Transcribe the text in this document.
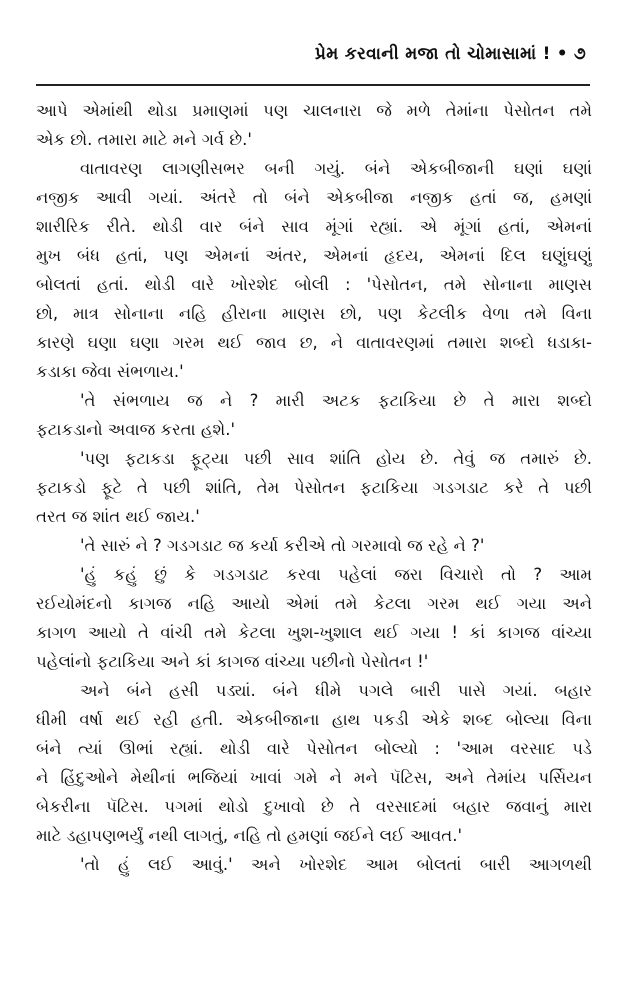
પ્રેમ કરવાની મજા તો ચોમાસામાં ! • ૭
આપે એમાંથી થોડા પ્રમાણમાં પણ ચાલનારા જે મળે તેમાંના પેસોતન તમે
એક છો. તમારા માટે મને ગર્વ છે.'
વાતાવરણ લાગણીસભર બની ગયું. બંને એકબીજાની ઘણાં ઘણાં
નજીક આવી ગયાં. અંતરે તો બંને એકબીજા નજીક હતાં જ, હમણાં
શારીરિક રીતે. થોડી વાર બંને સાવ મૂંગાં રહ્યાં. એ મૂંગાં હતાં, એમનાં
મુખ બંધ હતાં, પણ એમનાં અંતર, એમનાં હૃદય, એમનાં દિલ ઘણુંઘણું
બોલતાં હતાં. થોડી વારે ખોરશેદ બોલી : 'પેસોતન, તમે સોનાના માણસ
છો, માત્ર સોનાના નહિ હીરાના માણસ છો, પણ કેટલીક વેળા તમે વિના
કારણે ઘણા ઘણા ગરમ થઈ જાવ છ, ને વાતાવરણમાં તમારા શબ્દો ધડાકા-
કડાકા જેવા સંભળાય.'
'તે સંભળાય જ ને ? મારી અટક ફટાકિયા છે તે મારા શબ્દો
ફટાકડાનો અવાજ કરતા હશે.'
'પણ ફટાકડા ફૂટ્યા પછી સાવ શાંતિ હોય છે. તેવું જ તમારું છે.
ફટાકડો ફૂટે તે પછી શાંતિ, તેમ પેસોતન ફટાકિયા ગડગડાટ કરે તે પછી
તરત જ શાંત થઈ જાય.'
'તે સારું ને ? ગડગડાટ જ કર્યા કરીએ તો ગરમાવો જ રહે ને ?'
'હું કહું છું કે ગડગડાટ કરવા પહેલાં જરા વિચારો તો ? આમ
રઈયોમંદનો કાગજ નહિ આયો એમાં તમે કેટલા ગરમ થઈ ગયા અને
કાગળ આયો તે વાંચી તમે કેટલા ખુશ-ખુશાલ થઈ ગયા ! કાં કાગજ વાંચ્યા
પહેલાંનો ફટાકિયા અને કાં કાગજ વાંચ્યા પછીનો પેસોતન !'
અને બંને હસી પડ્યાં. બંને ધીમે પગલે બારી પાસે ગયાં. બહાર
ધીમી વર્ષા થઈ રહી હતી. એકબીજાના હાથ પકડી એકે શબ્દ બોલ્યા વિના
બંને ત્યાં ઊભાં રહ્યાં. થોડી વારે પેસોતન બોલ્યો : 'આમ વરસાદ પડે
ને હિંદુઓને મેથીનાં ભજિયાં ખાવાં ગમે ને મને પૅટિસ, અને તેમાંય પર્સિયન
બેકરીના પૅટિસ. પગમાં થોડો દુખાવો છે તે વરસાદમાં બહાર જવાનું મારા
માટે ડહાપણભર્યું નથી લાગતું, નહિ તો હમણાં જઈને લઈ આવત.'
'તો હું લઈ આવું.' અને ખોરશેદ આમ બોલતાં બારી આગળથી
